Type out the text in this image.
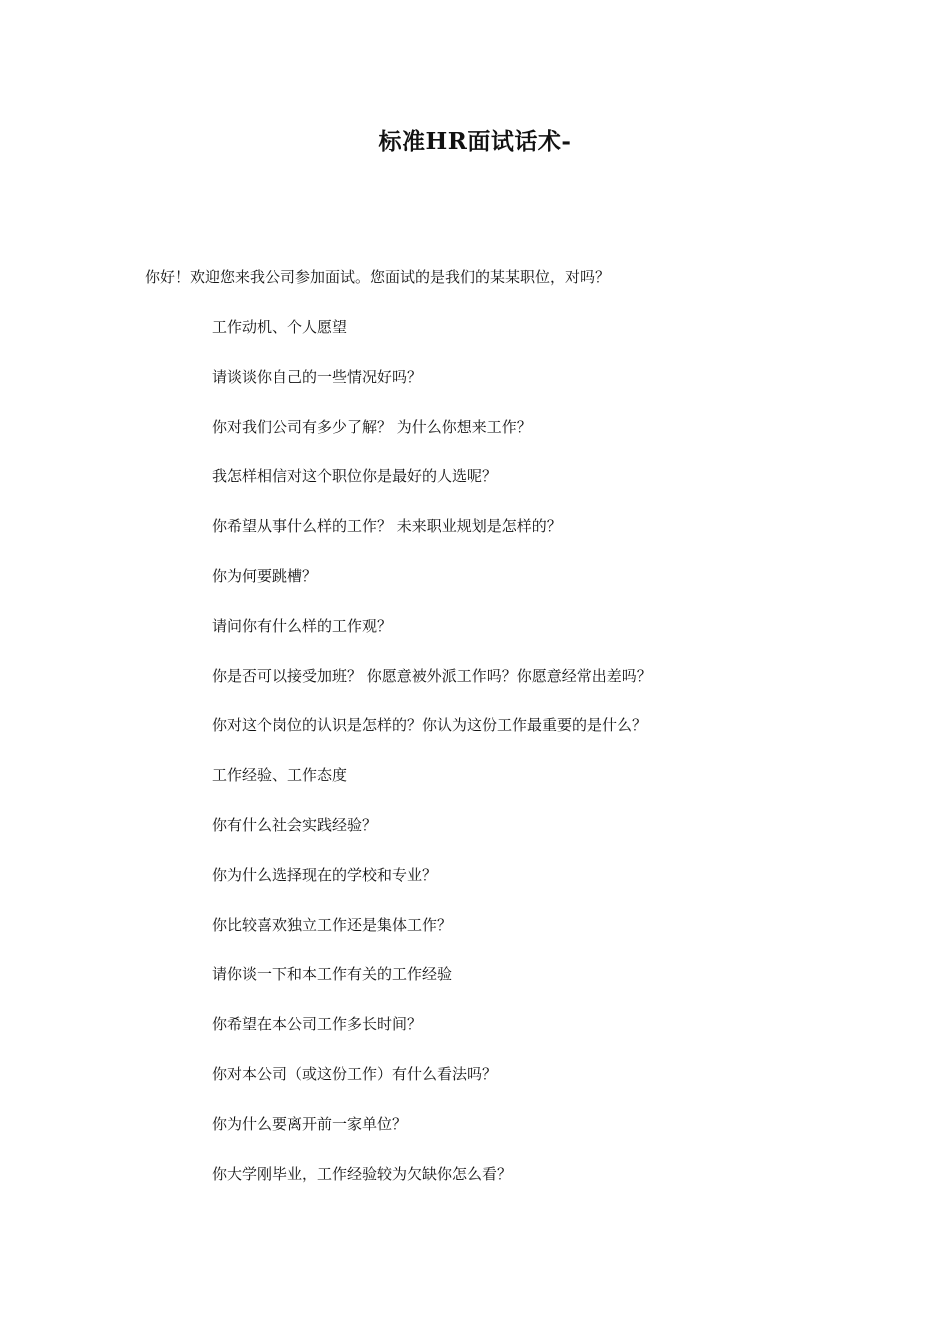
标准HR面试话术-
你好！欢迎您来我公司参加面试。您面试的是我们的某某职位，对吗？
工作动机、个人愿望
请谈谈你自己的一些情况好吗？
你对我们公司有多少了解？ 为什么你想来工作？
我怎样相信对这个职位你是最好的人选呢？
你希望从事什么样的工作？ 未来职业规划是怎样的？
你为何要跳槽？
请问你有什么样的工作观？
你是否可以接受加班？ 你愿意被外派工作吗？你愿意经常出差吗？
你对这个岗位的认识是怎样的？你认为这份工作最重要的是什么？
工作经验、工作态度
你有什么社会实践经验？
你为什么选择现在的学校和专业？
你比较喜欢独立工作还是集体工作？
请你谈一下和本工作有关的工作经验
你希望在本公司工作多长时间？
你对本公司（或这份工作）有什么看法吗？
你为什么要离开前一家单位？
你大学刚毕业，工作经验较为欠缺你怎么看？
